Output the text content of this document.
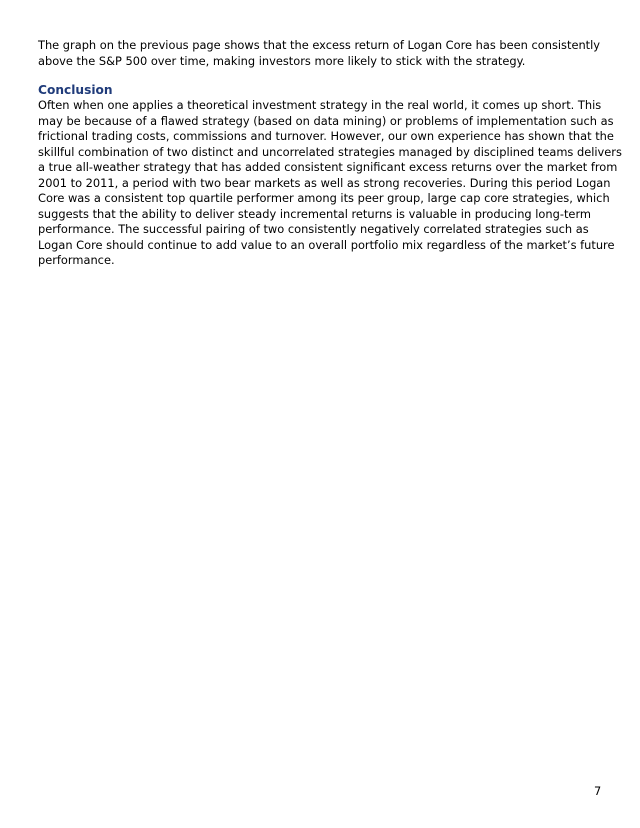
The graph on the previous page shows that the excess return of Logan Core has been consistently
above the S&P 500 over time, making investors more likely to stick with the strategy.

Conclusion

Often when one applies a theoretical investment strategy in the real world, it comes up short. This
may be because of a flawed strategy (based on data mining) or problems of implementation such as
frictional trading costs, commissions and turnover. However, our own experience has shown that the
skillful combination of two distinct and uncorrelated strategies managed by disciplined teams delivers
a true all-weather strategy that has added consistent significant excess returns over the market from
2001 to 2011, a period with two bear markets as well as strong recoveries. During this period Logan
Core was a consistent top quartile performer among its peer group, large cap core strategies, which
suggests that the ability to deliver steady incremental returns is valuable in producing long-term
performance. The successful pairing of two consistently negatively correlated strategies such as
Logan Core should continue to add value to an overall portfolio mix regardless of the market’s future
performance.

7
